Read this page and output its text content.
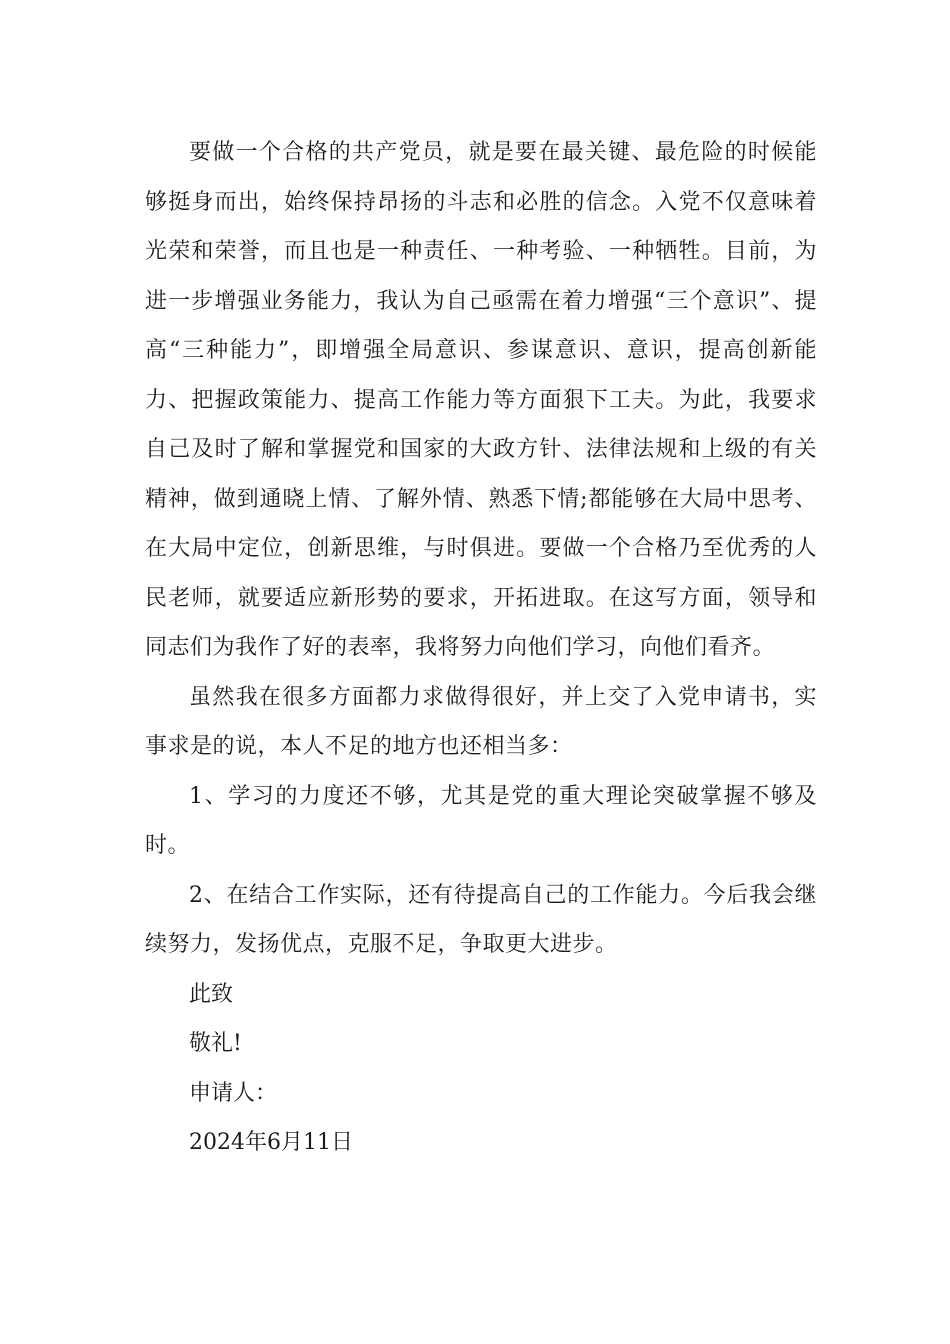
要做一个合格的共产党员，就是要在最关键、最危险的时候能够挺身而出，始终保持昂扬的斗志和必胜的信念。入党不仅意味着光荣和荣誉，而且也是一种责任、一种考验、一种牺牲。目前，为进一步增强业务能力，我认为自己亟需在着力增强“三个意识”、提高“三种能力”，即增强全局意识、参谋意识、意识，提高创新能力、把握政策能力、提高工作能力等方面狠下工夫。为此，我要求自己及时了解和掌握党和国家的大政方针、法律法规和上级的有关精神，做到通晓上情、了解外情、熟悉下情;都能够在大局中思考、在大局中定位，创新思维，与时俱进。要做一个合格乃至优秀的人民老师，就要适应新形势的要求，开拓进取。在这写方面，领导和同志们为我作了好的表率，我将努力向他们学习，向他们看齐。

虽然我在很多方面都力求做得很好，并上交了入党申请书，实事求是的说，本人不足的地方也还相当多：

1、学习的力度还不够，尤其是党的重大理论突破掌握不够及时。

2、在结合工作实际，还有待提高自己的工作能力。今后我会继续努力，发扬优点，克服不足，争取更大进步。

此致

敬礼!

申请人：

2024年6月11日
